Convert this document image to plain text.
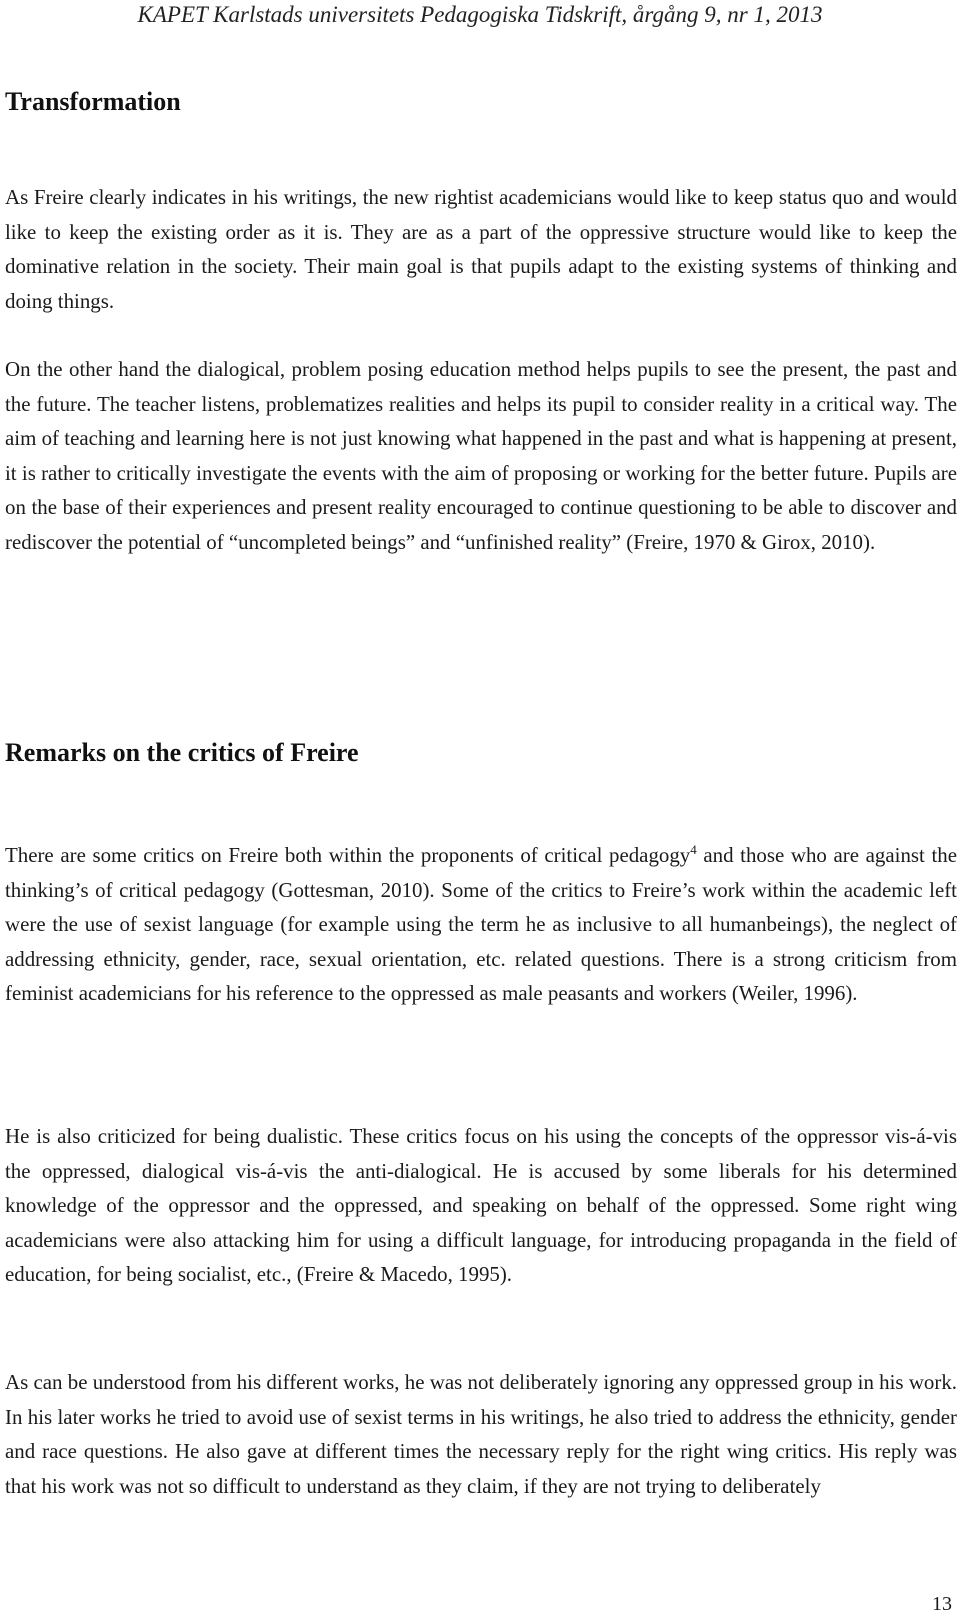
KAPET Karlstads universitets Pedagogiska Tidskrift, årgång 9, nr 1, 2013
Transformation

As Freire clearly indicates in his writings, the new rightist academicians would like to keep status quo and would like to keep the existing order as it is. They are as a part of the oppressive structure would like to keep the dominative relation in the society. Their main goal is that pupils adapt to the existing systems of thinking and doing things.

On the other hand the dialogical, problem posing education method helps pupils to see the present, the past and the future. The teacher listens, problematizes realities and helps its pupil to consider reality in a critical way. The aim of teaching and learning here is not just knowing what happened in the past and what is happening at present, it is rather to critically investigate the events with the aim of proposing or working for the better future. Pupils are on the base of their experiences and present reality encouraged to continue questioning to be able to discover and rediscover the potential of “uncompleted beings” and “unfinished reality” (Freire, 1970 & Girox, 2010).

Remarks on the critics of Freire

There are some critics on Freire both within the proponents of critical pedagogy$^4$ and those who are against the thinking’s of critical pedagogy (Gottesman, 2010). Some of the critics to Freire’s work within the academic left were the use of sexist language (for example using the term he as inclusive to all humanbeings), the neglect of addressing ethnicity, gender, race, sexual orientation, etc. related questions. There is a strong criticism from feminist academicians for his reference to the oppressed as male peasants and workers (Weiler, 1996).

He is also criticized for being dualistic. These critics focus on his using the concepts of the oppressor vis-á-vis the oppressed, dialogical vis-á-vis the anti-dialogical. He is accused by some liberals for his determined knowledge of the oppressor and the oppressed, and speaking on behalf of the oppressed. Some right wing academicians were also attacking him for using a difficult language, for introducing propaganda in the field of education, for being socialist, etc., (Freire & Macedo, 1995).

As can be understood from his different works, he was not deliberately ignoring any oppressed group in his work. In his later works he tried to avoid use of sexist terms in his writings, he also tried to address the ethnicity, gender and race questions. He also gave at different times the necessary reply for the right wing critics. His reply was that his work was not so difficult to understand as they claim, if they are not trying to deliberately

13
